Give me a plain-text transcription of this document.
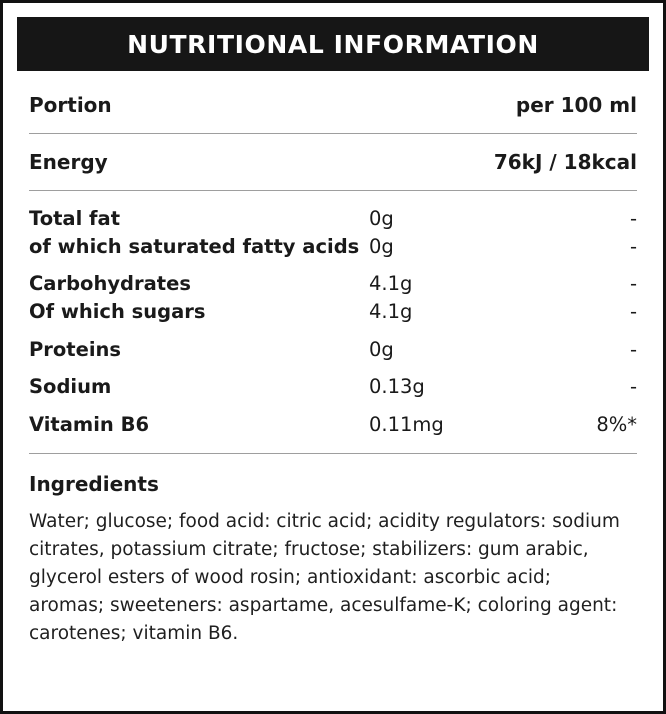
NUTRITIONAL INFORMATION
Portion	per 100 ml
Energy	76kJ / 18kcal
Total fat	0g	-
of which saturated fatty acids 0g	-
Carbohydrates	4.1g	-
Of which sugars	4.1g	-
Proteins	0g	-
Sodium	0.13g	-
Vitamin B6	0.11mg	8%*
Ingredients
Water; glucose; food acid: citric acid; acidity regulators: sodium citrates, potassium citrate; fructose; stabilizers: gum arabic, glycerol esters of wood rosin; antioxidant: ascorbic acid; aromas; sweeteners: aspartame, acesulfame-K; coloring agent: carotenes; vitamin B6.
